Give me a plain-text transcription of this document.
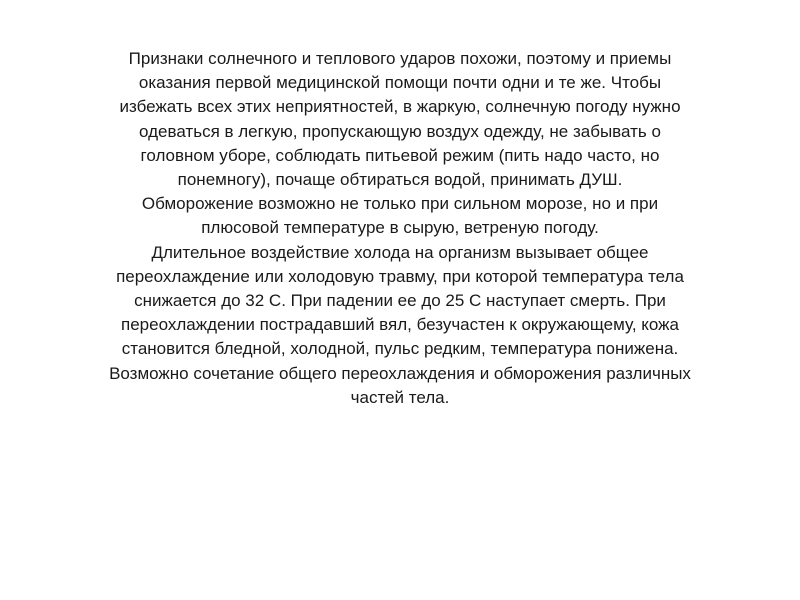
Признаки солнечного и теплового ударов похожи, поэтому и приемы
оказания первой медицинской помощи почти одни и те же. Чтобы
избежать всех этих неприятностей, в жаркую, солнечную погоду нужно
одеваться в легкую, пропускающую воздух одежду, не забывать о
головном уборе, соблюдать питьевой режим (пить надо часто, но
понемногу), почаще обтираться водой, принимать ДУШ.
Обморожение возможно не только при сильном морозе, но и при
плюсовой температуре в сырую, ветреную погоду.
Длительное воздействие холода на организм вызывает общее
переохлаждение или холодовую травму, при которой температура тела
снижается до 32 С. При падении ее до 25 С наступает смерть. При
переохлаждении пострадавший вял, безучастен к окружающему, кожа
становится бледной, холодной, пульс редким, температура понижена.
Возможно сочетание общего переохлаждения и обморожения различных
частей тела.
